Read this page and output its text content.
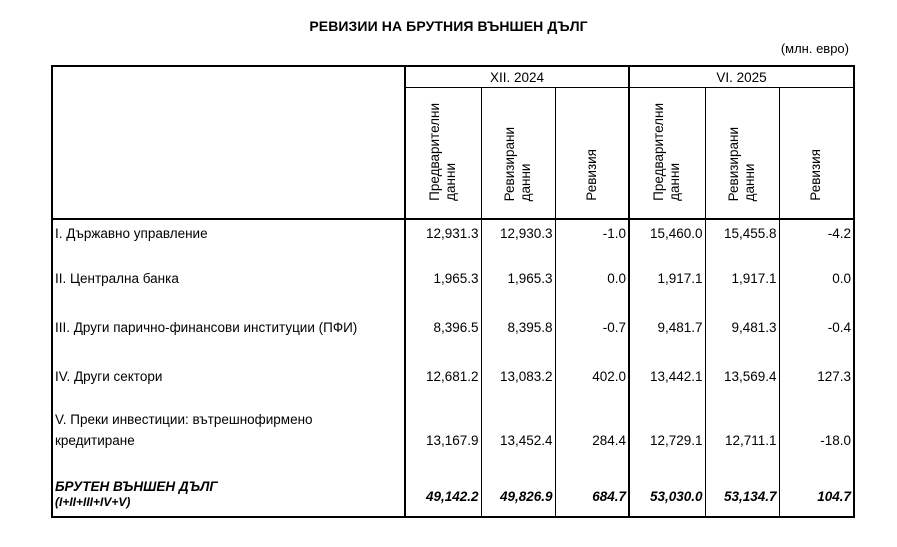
РЕВИЗИИ НА БРУТНИЯ ВЪНШЕН ДЪЛГ
(млн. евро)
	XII. 2024			VI. 2025		

	Предварителни
данни	Ревизирани
данни	Ревизия	Предварителни
данни	Ревизирани
данни	Ревизия

I. Държавно управление	12,931.3	12,930.3	-1.0	15,460.0	15,455.8	-4.2
II. Централна банка	1,965.3	1,965.3	0.0	1,917.1	1,917.1	0.0
III. Други парично-финансови институции (ПФИ)	8,396.5	8,395.8	-0.7	9,481.7	9,481.3	-0.4
IV. Други сектори	12,681.2	13,083.2	402.0	13,442.1	13,569.4	127.3

V. Преки инвестиции: вътрешнофирмено
кредитиране	13,167.9	13,452.4	284.4	12,729.1	12,711.1	-18.0

БРУТЕН ВЪНШЕН ДЪЛГ
(I+II+III+IV+V)	49,142.2	49,826.9	684.7	53,030.0	53,134.7	104.7
